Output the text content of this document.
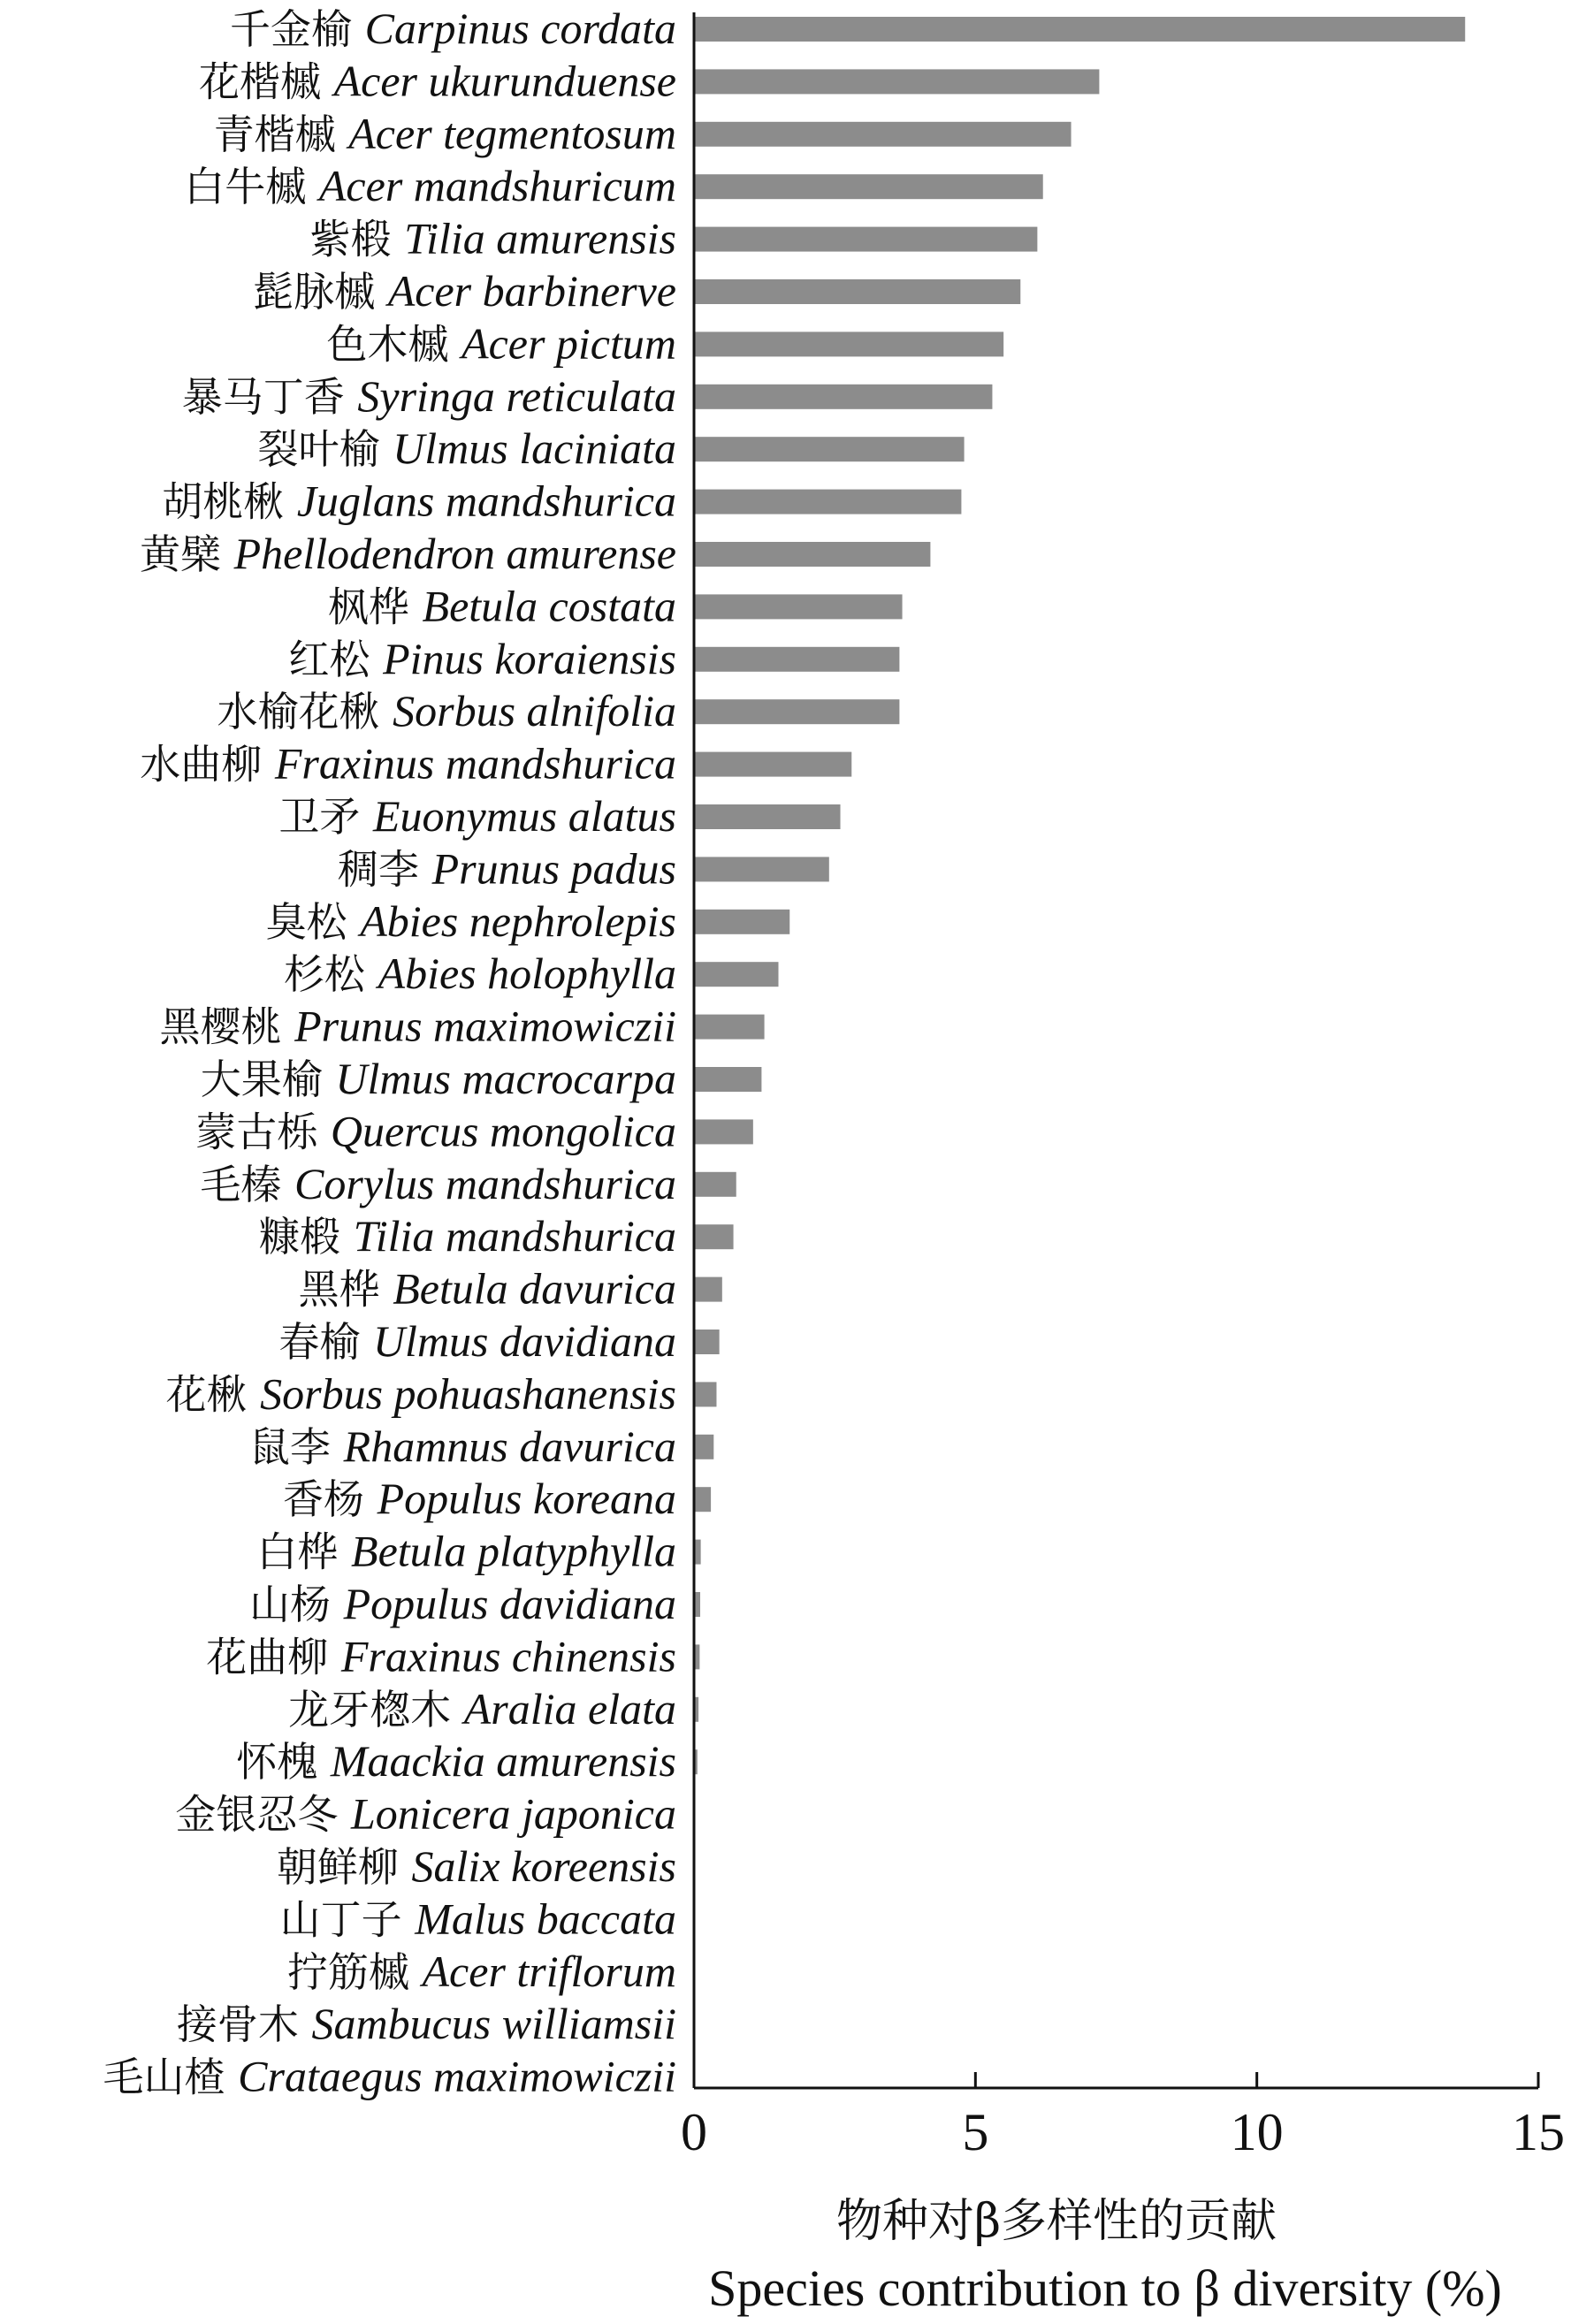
千金榆 Carpinus cordata
花楷槭 Acer ukurunduense
青楷槭 Acer tegmentosum
白牛槭 Acer mandshuricum
紫椴 Tilia amurensis
髭脉槭 Acer barbinerve
色木槭 Acer pictum
暴马丁香 Syringa reticulata
裂叶榆 Ulmus laciniata
胡桃楸 Juglans mandshurica
黄檗 Phellodendron amurense
枫桦 Betula costata
红松 Pinus koraiensis
水榆花楸 Sorbus alnifolia
水曲柳 Fraxinus mandshurica
卫矛 Euonymus alatus
稠李 Prunus padus
臭松 Abies nephrolepis
杉松 Abies holophylla
黑樱桃 Prunus maximowiczii
大果榆 Ulmus macrocarpa
蒙古栎 Quercus mongolica
毛榛 Corylus mandshurica
糠椴 Tilia mandshurica
黑桦 Betula davurica
春榆 Ulmus davidiana
花楸 Sorbus pohuashanensis
鼠李 Rhamnus davurica
香杨 Populus koreana
白桦 Betula platyphylla
山杨 Populus davidiana
花曲柳 Fraxinus chinensis
龙牙楤木 Aralia elata
怀槐 Maackia amurensis
金银忍冬 Lonicera japonica
朝鲜柳 Salix koreensis
山丁子 Malus baccata
拧筋槭 Acer triflorum
接骨木 Sambucus williamsii
毛山楂 Crataegus maximowiczii
0	5	10	15
物种对β多样性的贡献
Species contribution to β diversity (%)
